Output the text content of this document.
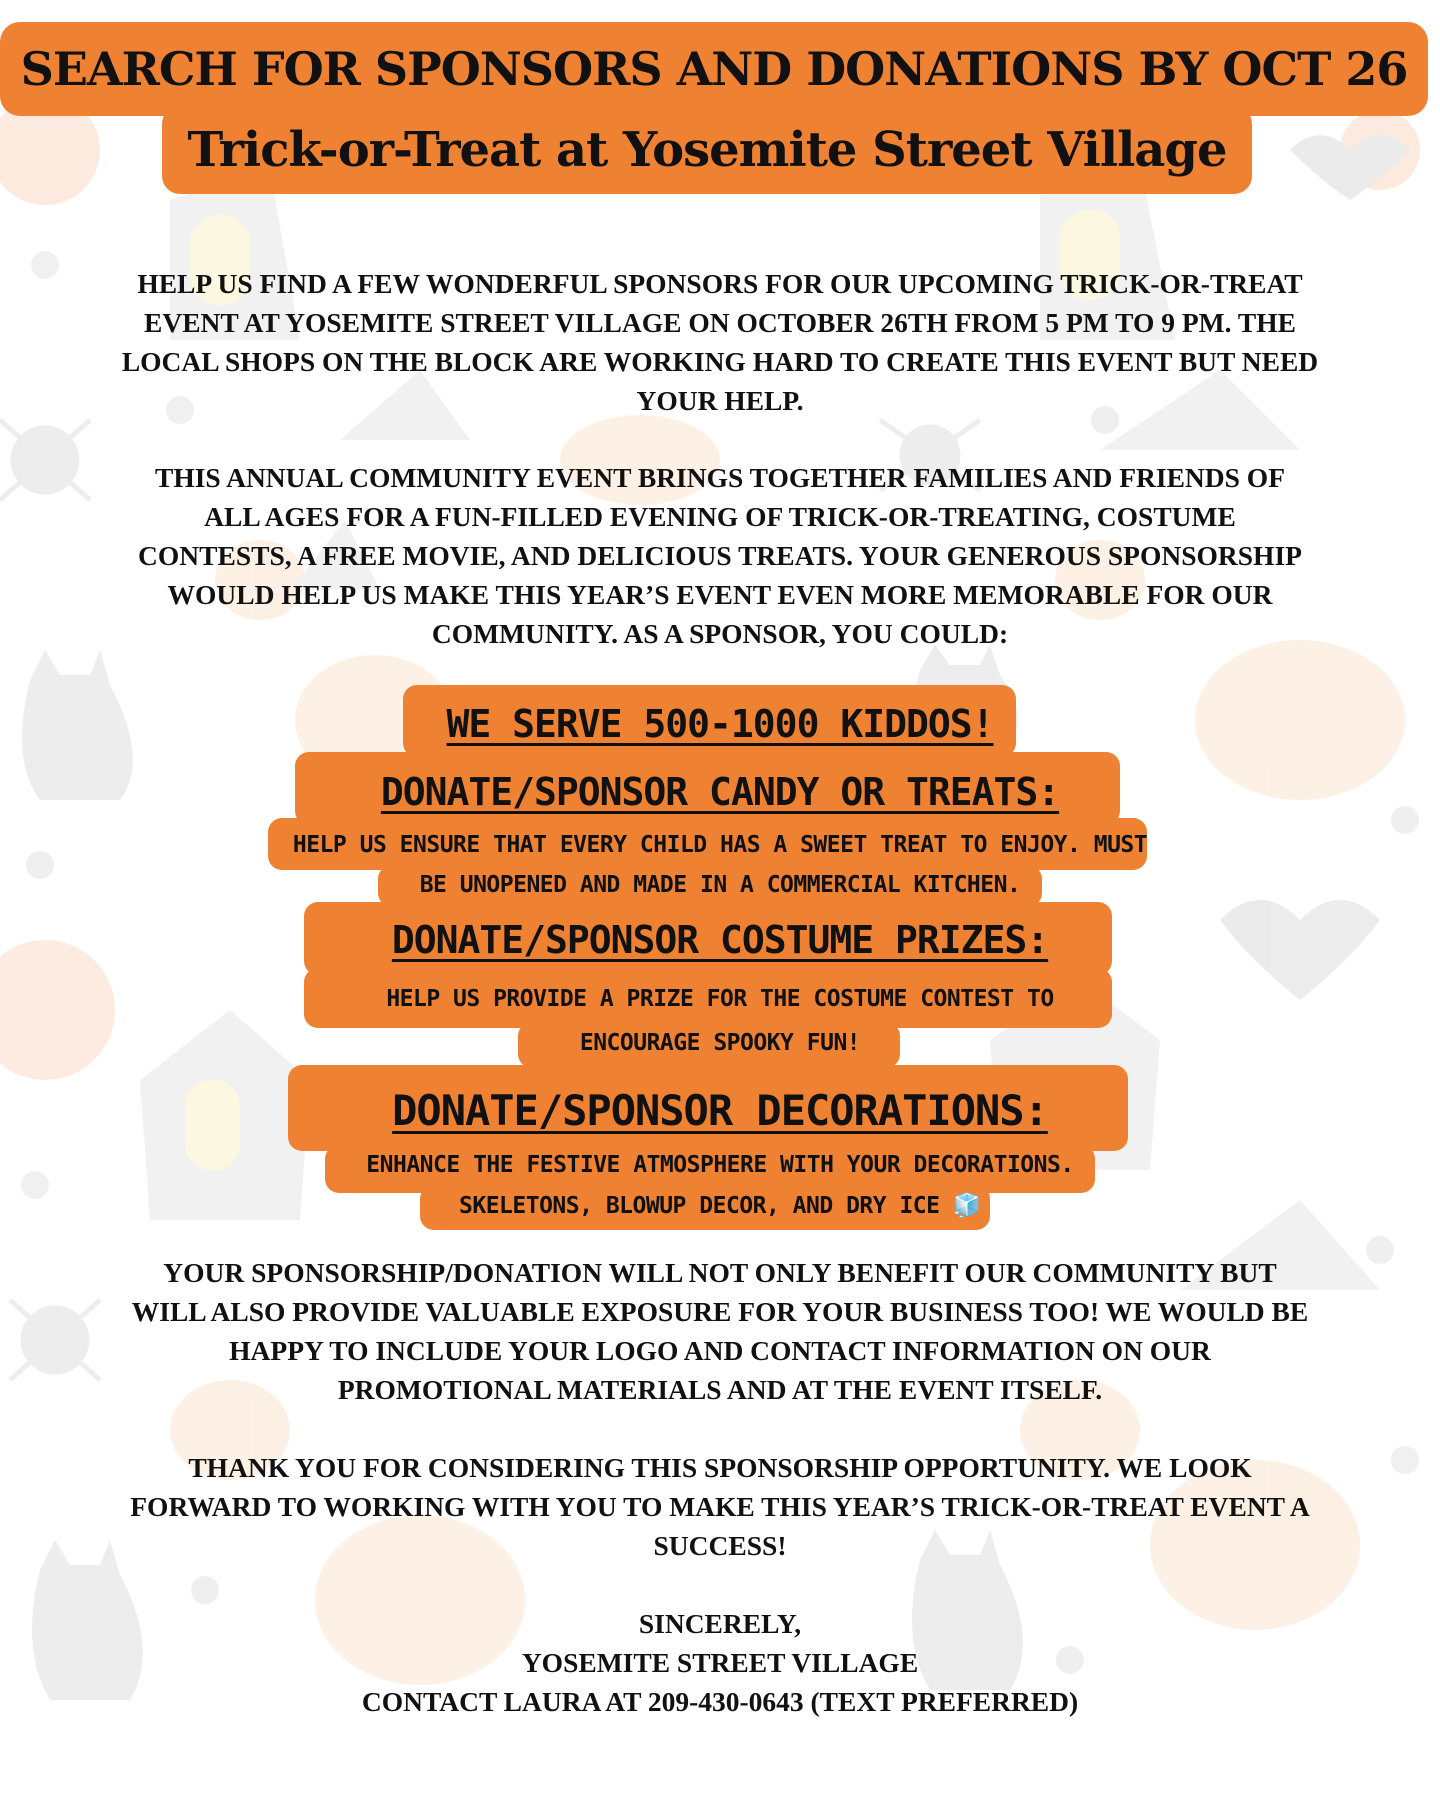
SEARCH FOR SPONSORS AND DONATIONS BY OCT 26
Trick-or-Treat at Yosemite Street Village
HELP US FIND A FEW WONDERFUL SPONSORS FOR OUR UPCOMING TRICK-OR-TREAT
EVENT AT YOSEMITE STREET VILLAGE ON OCTOBER 26TH FROM 5 PM TO 9 PM. THE
LOCAL SHOPS ON THE BLOCK ARE WORKING HARD TO CREATE THIS EVENT BUT NEED
YOUR HELP.
THIS ANNUAL COMMUNITY EVENT BRINGS TOGETHER FAMILIES AND FRIENDS OF
ALL AGES FOR A FUN-FILLED EVENING OF TRICK-OR-TREATING, COSTUME
CONTESTS, A FREE MOVIE, AND DELICIOUS TREATS. YOUR GENEROUS SPONSORSHIP
WOULD HELP US MAKE THIS YEAR’S EVENT EVEN MORE MEMORABLE FOR OUR
COMMUNITY. AS A SPONSOR, YOU COULD:
WE SERVE 500-1000 KIDDOS!
DONATE/SPONSOR CANDY OR TREATS:
HELP US ENSURE THAT EVERY CHILD HAS A SWEET TREAT TO ENJOY. MUST
BE UNOPENED AND MADE IN A COMMERCIAL KITCHEN.
DONATE/SPONSOR COSTUME PRIZES:
HELP US PROVIDE A PRIZE FOR THE COSTUME CONTEST TO
ENCOURAGE SPOOKY FUN!
DONATE/SPONSOR DECORATIONS:
ENHANCE THE FESTIVE ATMOSPHERE WITH YOUR DECORATIONS.
SKELETONS, BLOWUP DECOR, AND DRY ICE 🧊
YOUR SPONSORSHIP/DONATION WILL NOT ONLY BENEFIT OUR COMMUNITY BUT
WILL ALSO PROVIDE VALUABLE EXPOSURE FOR YOUR BUSINESS TOO! WE WOULD BE
HAPPY TO INCLUDE YOUR LOGO AND CONTACT INFORMATION ON OUR
PROMOTIONAL MATERIALS AND AT THE EVENT ITSELF.
THANK YOU FOR CONSIDERING THIS SPONSORSHIP OPPORTUNITY. WE LOOK
FORWARD TO WORKING WITH YOU TO MAKE THIS YEAR’S TRICK-OR-TREAT EVENT A
SUCCESS!
SINCERELY,
YOSEMITE STREET VILLAGE
CONTACT LAURA AT 209-430-0643 (TEXT PREFERRED)
